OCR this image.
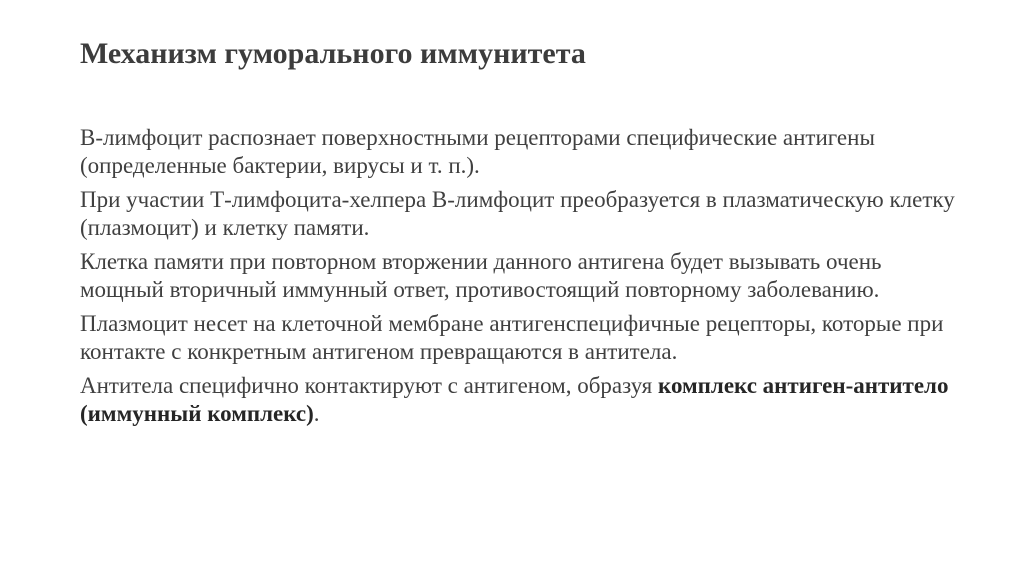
Механизм гуморального иммунитета

В-лимфоцит распознает поверхностными рецепторами специфические антигены (определенные бактерии, вирусы и т. п.).

При участии Т-лимфоцита-хелпера В-лимфоцит преобразуется в плазматическую клетку (плазмоцит) и клетку памяти.

Клетка памяти при повторном вторжении данного антигена будет вызывать очень мощный вторичный иммунный ответ, противостоящий повторному заболеванию.

Плазмоцит несет на клеточной мембране антигенспецифичные рецепторы, которые при контакте с конкретным антигеном превращаются в антитела.

Антитела специфично контактируют с антигеном, образуя комплекс антиген-антитело (иммунный комплекс).
